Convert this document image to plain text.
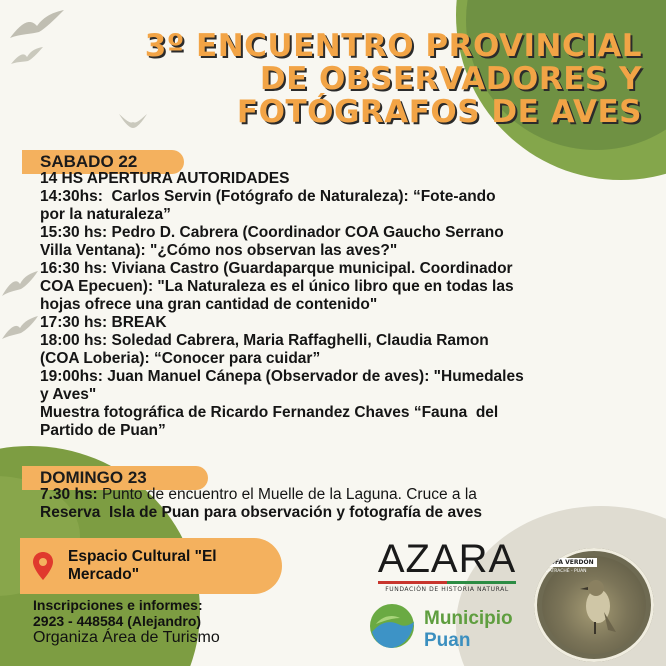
3º ENCUENTRO PROVINCIAL
DE OBSERVADORES Y
FOTÓGRAFOS DE AVES
SABADO 22
14 HS APERTURA AUTORIDADES
14:30hs:  Carlos Servin (Fotógrafo de Naturaleza): “Fote-ando
por la naturaleza”
15:30 hs: Pedro D. Cabrera (Coordinador COA Gaucho Serrano
Villa Ventana): "¿Cómo nos observan las aves?"
16:30 hs: Viviana Castro (Guardaparque municipal. Coordinador
COA Epecuen): "La Naturaleza es el único libro que en todas las
hojas ofrece una gran cantidad de contenido"
17:30 hs: BREAK
18:00 hs: Soledad Cabrera, Maria Raffaghelli, Claudia Ramon
(COA Loberia): “Conocer para cuidar”
19:00hs: Juan Manuel Cánepa (Observador de aves): "Humedales
y Aves"
Muestra fotográfica de Ricardo Fernandez Chaves “Fauna  del
Partido de Puan”
DOMINGO 23
7.30 hs: Punto de encuentro el Muelle de la Laguna. Cruce a la
Reserva  Isla de Puan para observación y fotografía de aves
Espacio Cultural "El
Mercado"
Inscripciones e informes:
2923 - 448584 (Alejandro)
Organiza Área de Turismo
AZARA
FUNDACIÓN DE HISTORIA NATURAL
Municipio
Puan
GOFA VERDÓN
GUATRACHÉ - PUAN
